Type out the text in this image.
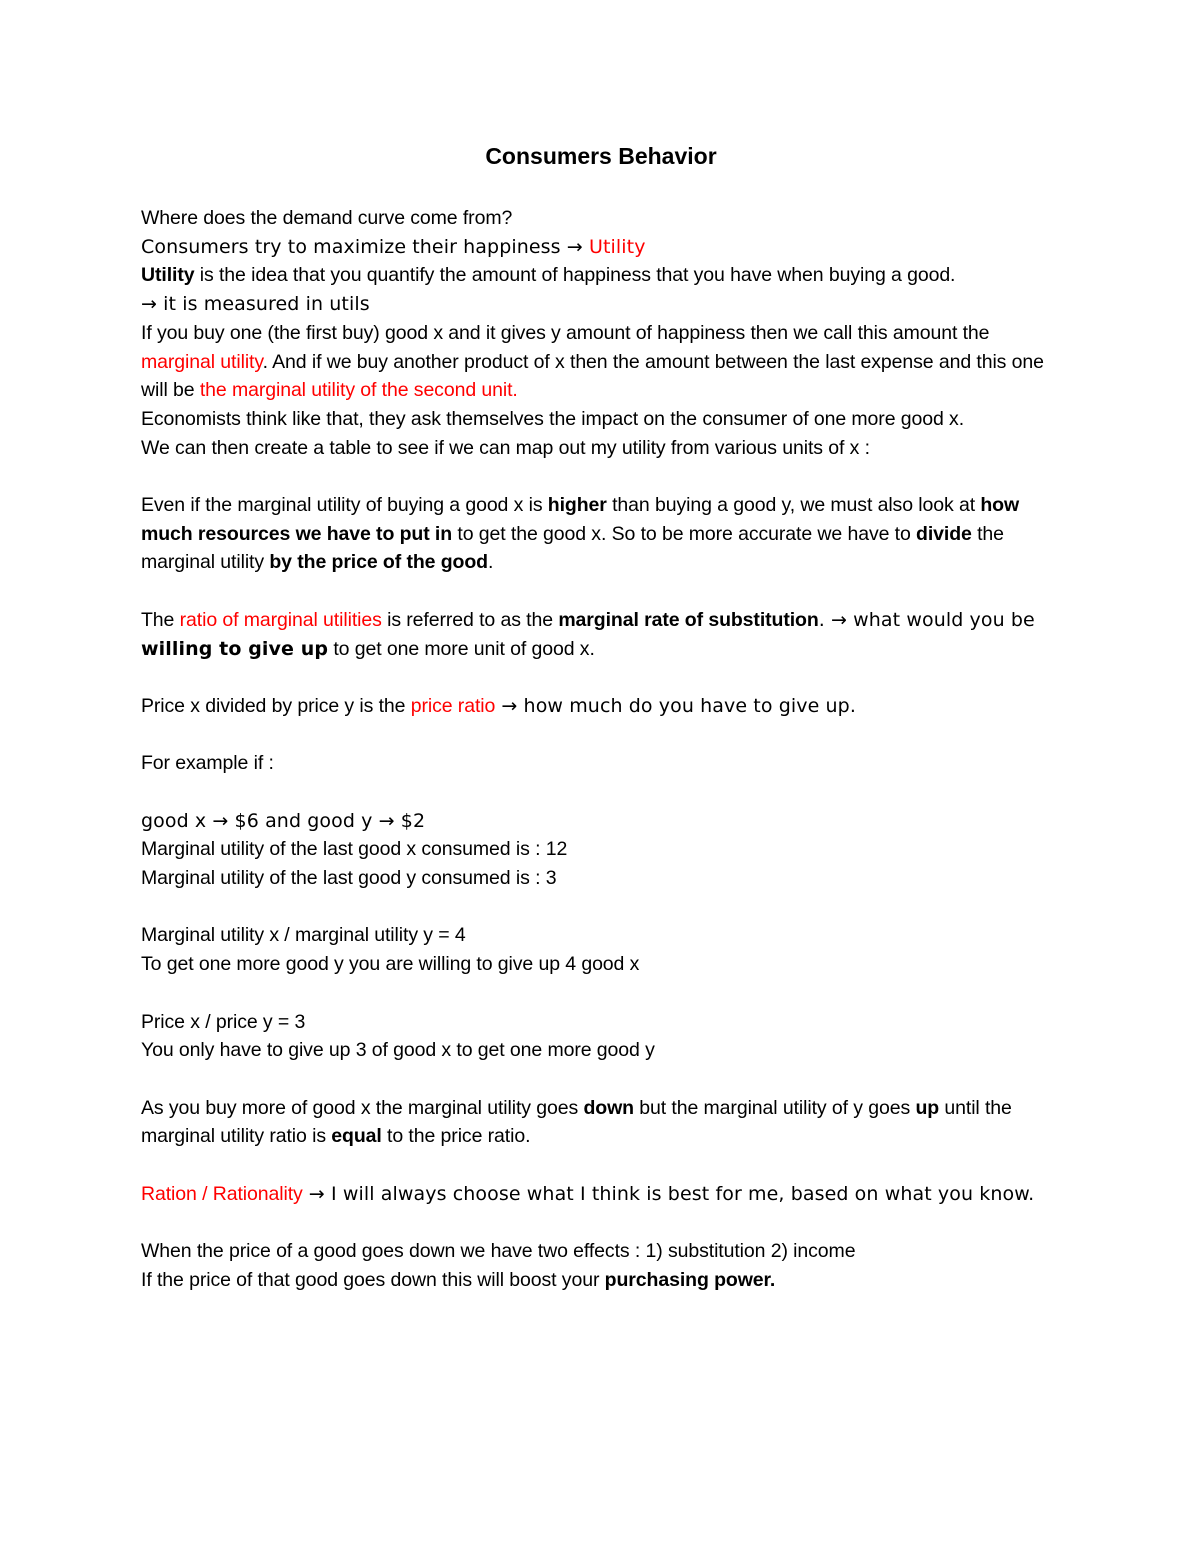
Consumers Behavior

Where does the demand curve come from?

Consumers try to maximize their happiness → Utility

Utility is the idea that you quantify the amount of happiness that you have when buying a good.

→ it is measured in utils

If you buy one (the first buy) good x and it gives y amount of happiness then we call this amount the marginal utility. And if we buy another product of x then the amount between the last expense and this one will be the marginal utility of the second unit.

Economists think like that, they ask themselves the impact on the consumer of one more good x.

We can then create a table to see if we can map out my utility from various units of x :

Even if the marginal utility of buying a good x is higher than buying a good y, we must also look at how much resources we have to put in to get the good x. So to be more accurate we have to divide the marginal utility by the price of the good.

The ratio of marginal utilities is referred to as the marginal rate of substitution. → what would you be willing to give up to get one more unit of good x.

Price x divided by price y is the price ratio → how much do you have to give up.

For example if :

good x → $6 and good y → $2

Marginal utility of the last good x consumed is : 12

Marginal utility of the last good y consumed is : 3

Marginal utility x / marginal utility y = 4

To get one more good y you are willing to give up 4 good x

Price x / price y = 3

You only have to give up 3 of good x to get one more good y

As you buy more of good x the marginal utility goes down but the marginal utility of y goes up until the marginal utility ratio is equal to the price ratio.

Ration / Rationality → I will always choose what I think is best for me, based on what you know.

When the price of a good goes down we have two effects : 1) substitution 2) income

If the price of that good goes down this will boost your purchasing power.
